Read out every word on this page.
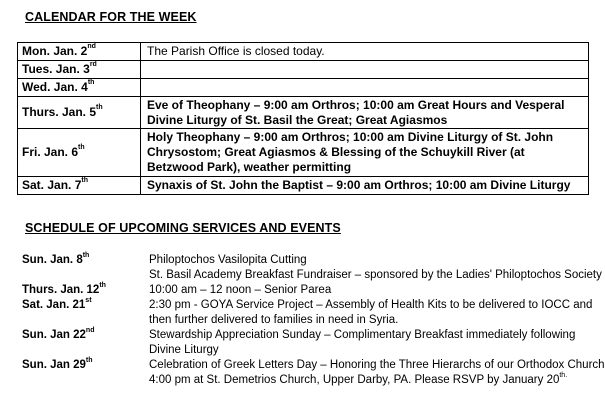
CALENDAR FOR THE WEEK
Mon. Jan. 2nd	The Parish Office is closed today.
Tues. Jan. 3rd	
Wed. Jan. 4th	
Thurs. Jan. 5th	Eve of Theophany – 9:00 am Orthros; 10:00 am Great Hours and Vesperal Divine Liturgy of St. Basil the Great; Great Agiasmos
Fri. Jan. 6th	Holy Theophany – 9:00 am Orthros; 10:00 am Divine Liturgy of St. John Chrysostom; Great Agiasmos & Blessing of the Schuykill River (at Betzwood Park), weather permitting
Sat. Jan. 7th	Synaxis of St. John the Baptist – 9:00 am Orthros; 10:00 am Divine Liturgy
SCHEDULE OF UPCOMING SERVICES AND EVENTS
Sun. Jan. 8th	Philoptochos Vasilopita Cutting
St. Basil Academy Breakfast Fundraiser – sponsored by the Ladies' Philoptochos Society
Thurs. Jan. 12th	10:00 am – 12 noon – Senior Parea
Sat. Jan. 21st	2:30 pm - GOYA Service Project – Assembly of Health Kits to be delivered to IOCC and
then further delivered to families in need in Syria.
Sun. Jan 22nd	Stewardship Appreciation Sunday – Complimentary Breakfast immediately following
Divine Liturgy
Sun. Jan 29th	Celebration of Greek Letters Day – Honoring the Three Hierarchs of our Orthodox Church
4:00 pm at St. Demetrios Church, Upper Darby, PA. Please RSVP by January $20^{th.}$
